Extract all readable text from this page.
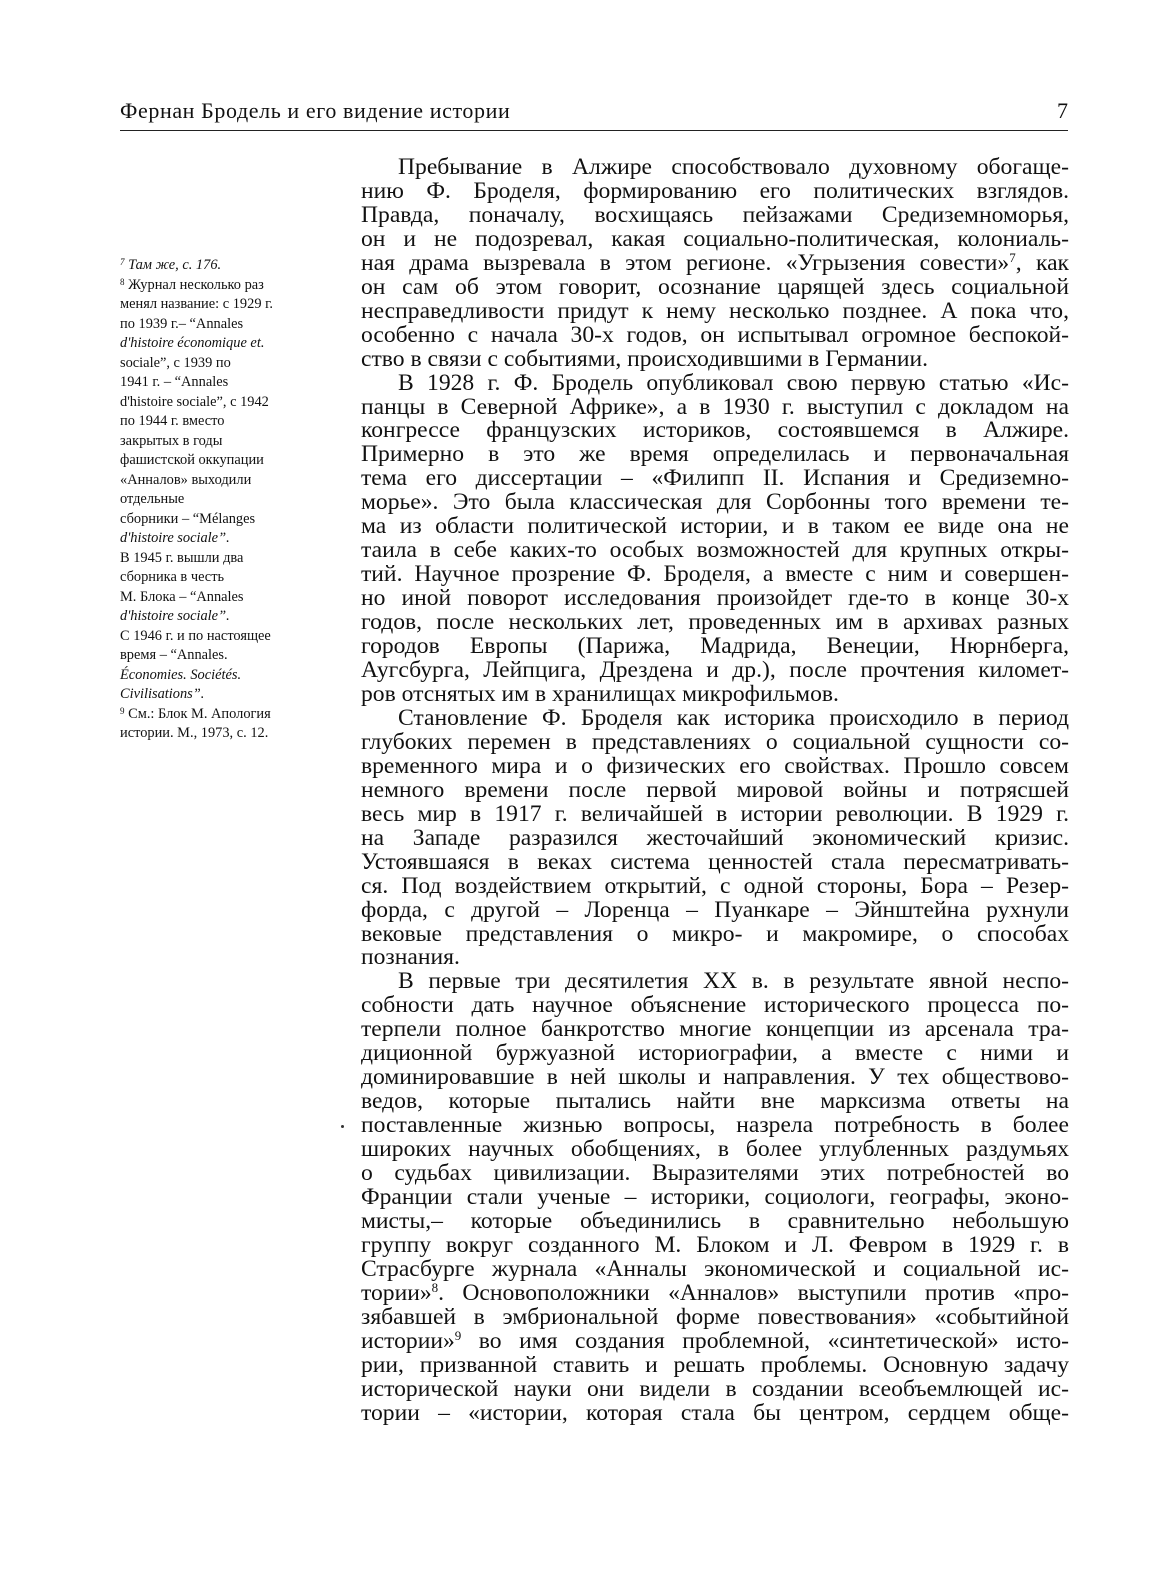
Фернан Бродель и его видение истории	7
$^7$ Там же, с. 176.
$^8$ Журнал несколько раз
менял название: с 1929 г.
по 1939 г.– “Annales
d'histoire économique et.
sociale”, с 1939 по
1941 г. – “Annales
d'histoire sociale”, с 1942
по 1944 г. вместо
закрытых в годы
фашистской оккупации
«Анналов» выходили
отдельные
сборники – “Mélanges
d'histoire sociale”.
В 1945 г. вышли два
сборника в честь
М. Блока – “Annales
d'histoire sociale”.
С 1946 г. и по настоящее
время – “Annales.
Économies. Sociétés.
Civilisations”.
$^9$ См.: Блок М. Апология
истории. М., 1973, с. 12.
Пребывание в Алжире способствовало духовному обогаще-
нию Ф. Броделя, формированию его политических взглядов.
Правда, поначалу, восхищаясь пейзажами Средиземноморья,
он и не подозревал, какая социально-политическая, колониаль-
ная драма вызревала в этом регионе. «Угрызения совести»$^7$, как
он сам об этом говорит, осознание царящей здесь социальной
несправедливости придут к нему несколько позднее. А пока что,
особенно с начала 30-х годов, он испытывал огромное беспокой-
ство в связи с событиями, происходившими в Германии.
В 1928 г. Ф. Бродель опубликовал свою первую статью «Ис-
панцы в Северной Африке», а в 1930 г. выступил с докладом на
конгрессе французских историков, состоявшемся в Алжире.
Примерно в это же время определилась и первоначальная
тема его диссертации – «Филипп II. Испания и Средиземно-
морье». Это была классическая для Сорбонны того времени те-
ма из области политической истории, и в таком ее виде она не
таила в себе каких-то особых возможностей для крупных откры-
тий. Научное прозрение Ф. Броделя, а вместе с ним и совершен-
но иной поворот исследования произойдет где-то в конце 30-х
годов, после нескольких лет, проведенных им в архивах разных
городов Европы (Парижа, Мадрида, Венеции, Нюрнберга,
Аугсбурга, Лейпцига, Дрездена и др.), после прочтения километ-
ров отснятых им в хранилищах микрофильмов.
Становление Ф. Броделя как историка происходило в период
глубоких перемен в представлениях о социальной сущности со-
временного мира и о физических его свойствах. Прошло совсем
немного времени после первой мировой войны и потрясшей
весь мир в 1917 г. величайшей в истории революции. В 1929 г.
на Западе разразился жесточайший экономический кризис.
Устоявшаяся в веках система ценностей стала пересматривать-
ся. Под воздействием открытий, с одной стороны, Бора – Резер-
форда, с другой – Лоренца – Пуанкаре – Эйнштейна рухнули
вековые представления о микро- и макромире, о способах
познания.
В первые три десятилетия XX в. в результате явной неспо-
собности дать научное объяснение исторического процесса по-
терпели полное банкротство многие концепции из арсенала тра-
диционной буржуазной историографии, а вместе с ними и
доминировавшие в ней школы и направления. У тех обществово-
ведов, которые пытались найти вне марксизма ответы на
поставленные жизнью вопросы, назрела потребность в более
широких научных обобщениях, в более углубленных раздумьях
о судьбах цивилизации. Выразителями этих потребностей во
Франции стали ученые – историки, социологи, географы, эконо-
мисты,– которые объединились в сравнительно небольшую
группу вокруг созданного М. Блоком и Л. Февром в 1929 г. в
Страсбурге журнала «Анналы экономической и социальной ис-
тории»$^8$. Основоположники «Анналов» выступили против «про-
зябавшей в эмбриональной форме повествования» «событийной
истории»$^9$ во имя создания проблемной, «синтетической» исто-
рии, призванной ставить и решать проблемы. Основную задачу
исторической науки они видели в создании всеобъемлющей ис-
тории – «истории, которая стала бы центром, сердцем обще-
